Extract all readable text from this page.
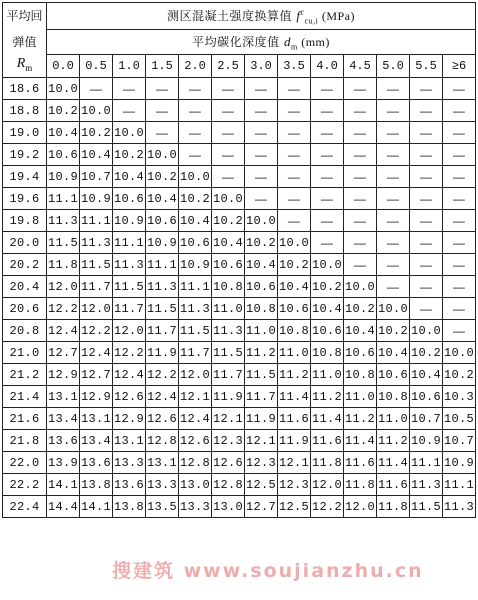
平均回	测区混凝土强度换算值 $f^c_{cu,i}$ (MPa)												
弹值	平均碳化深度值 $d_m$ (mm)												
$R_m$	0.0	0.5	1.0	1.5	2.0	2.5	3.0	3.5	4.0	4.5	5.0	5.5	≥6
18.6	10.0	—	—	—	—	—	—	—	—	—	—	—	—
18.8	10.2	10.0	—	—	—	—	—	—	—	—	—	—	—
19.0	10.4	10.2	10.0	—	—	—	—	—	—	—	—	—	—
19.2	10.6	10.4	10.2	10.0	—	—	—	—	—	—	—	—	—
19.4	10.9	10.7	10.4	10.2	10.0	—	—	—	—	—	—	—	—
19.6	11.1	10.9	10.6	10.4	10.2	10.0	—	—	—	—	—	—	—
19.8	11.3	11.1	10.9	10.6	10.4	10.2	10.0	—	—	—	—	—	—
20.0	11.5	11.3	11.1	10.9	10.6	10.4	10.2	10.0	—	—	—	—	—
20.2	11.8	11.5	11.3	11.1	10.9	10.6	10.4	10.2	10.0	—	—	—	—
20.4	12.0	11.7	11.5	11.3	11.1	10.8	10.6	10.4	10.2	10.0	—	—	—
20.6	12.2	12.0	11.7	11.5	11.3	11.0	10.8	10.6	10.4	10.2	10.0	—	—
20.8	12.4	12.2	12.0	11.7	11.5	11.3	11.0	10.8	10.6	10.4	10.2	10.0	—
21.0	12.7	12.4	12.2	11.9	11.7	11.5	11.2	11.0	10.8	10.6	10.4	10.2	10.0
21.2	12.9	12.7	12.4	12.2	12.0	11.7	11.5	11.2	11.0	10.8	10.6	10.4	10.2
21.4	13.1	12.9	12.6	12.4	12.1	11.9	11.7	11.4	11.2	11.0	10.8	10.6	10.3
21.6	13.4	13.1	12.9	12.6	12.4	12.1	11.9	11.6	11.4	11.2	11.0	10.7	10.5
21.8	13.6	13.4	13.1	12.8	12.6	12.3	12.1	11.9	11.6	11.4	11.2	10.9	10.7
22.0	13.9	13.6	13.3	13.1	12.8	12.6	12.3	12.1	11.8	11.6	11.4	11.1	10.9
22.2	14.1	13.8	13.6	13.3	13.0	12.8	12.5	12.3	12.0	11.8	11.6	11.3	11.1
22.4	14.4	14.1	13.8	13.5	13.3	13.0	12.7	12.5	12.2	12.0	11.8	11.5	11.3
搜建筑 www.soujianzhu.cn
